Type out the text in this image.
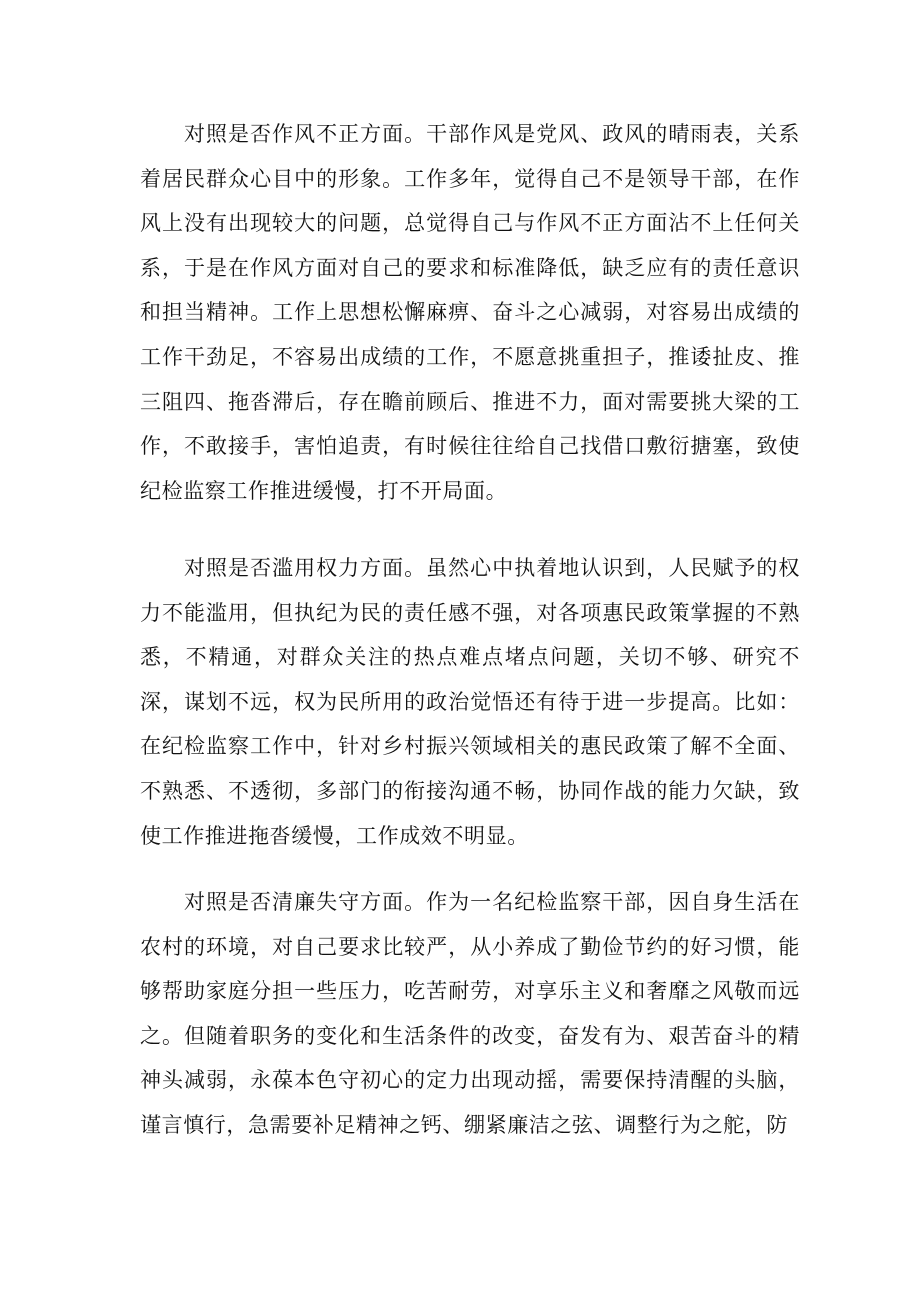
对照是否作风不正方面。干部作风是党风、政风的晴雨表，关系着居民群众心目中的形象。工作多年，觉得自己不是领导干部，在作风上没有出现较大的问题，总觉得自己与作风不正方面沾不上任何关系，于是在作风方面对自己的要求和标准降低，缺乏应有的责任意识和担当精神。工作上思想松懈麻痹、奋斗之心减弱，对容易出成绩的工作干劲足，不容易出成绩的工作，不愿意挑重担子，推诿扯皮、推三阻四、拖沓滞后，存在瞻前顾后、推进不力，面对需要挑大梁的工作，不敢接手，害怕追责，有时候往往给自己找借口敷衍搪塞，致使纪检监察工作推进缓慢，打不开局面。

对照是否滥用权力方面。虽然心中执着地认识到，人民赋予的权力不能滥用，但执纪为民的责任感不强，对各项惠民政策掌握的不熟悉，不精通，对群众关注的热点难点堵点问题，关切不够、研究不深，谋划不远，权为民所用的政治觉悟还有待于进一步提高。比如：在纪检监察工作中，针对乡村振兴领域相关的惠民政策了解不全面、不熟悉、不透彻，多部门的衔接沟通不畅，协同作战的能力欠缺，致使工作推进拖沓缓慢，工作成效不明显。

对照是否清廉失守方面。作为一名纪检监察干部，因自身生活在农村的环境，对自己要求比较严，从小养成了勤俭节约的好习惯，能够帮助家庭分担一些压力，吃苦耐劳，对享乐主义和奢靡之风敬而远之。但随着职务的变化和生活条件的改变，奋发有为、艰苦奋斗的精神头减弱，永葆本色守初心的定力出现动摇，需要保持清醒的头脑，谨言慎行，急需要补足精神之钙、绷紧廉洁之弦、调整行为之舵，防
